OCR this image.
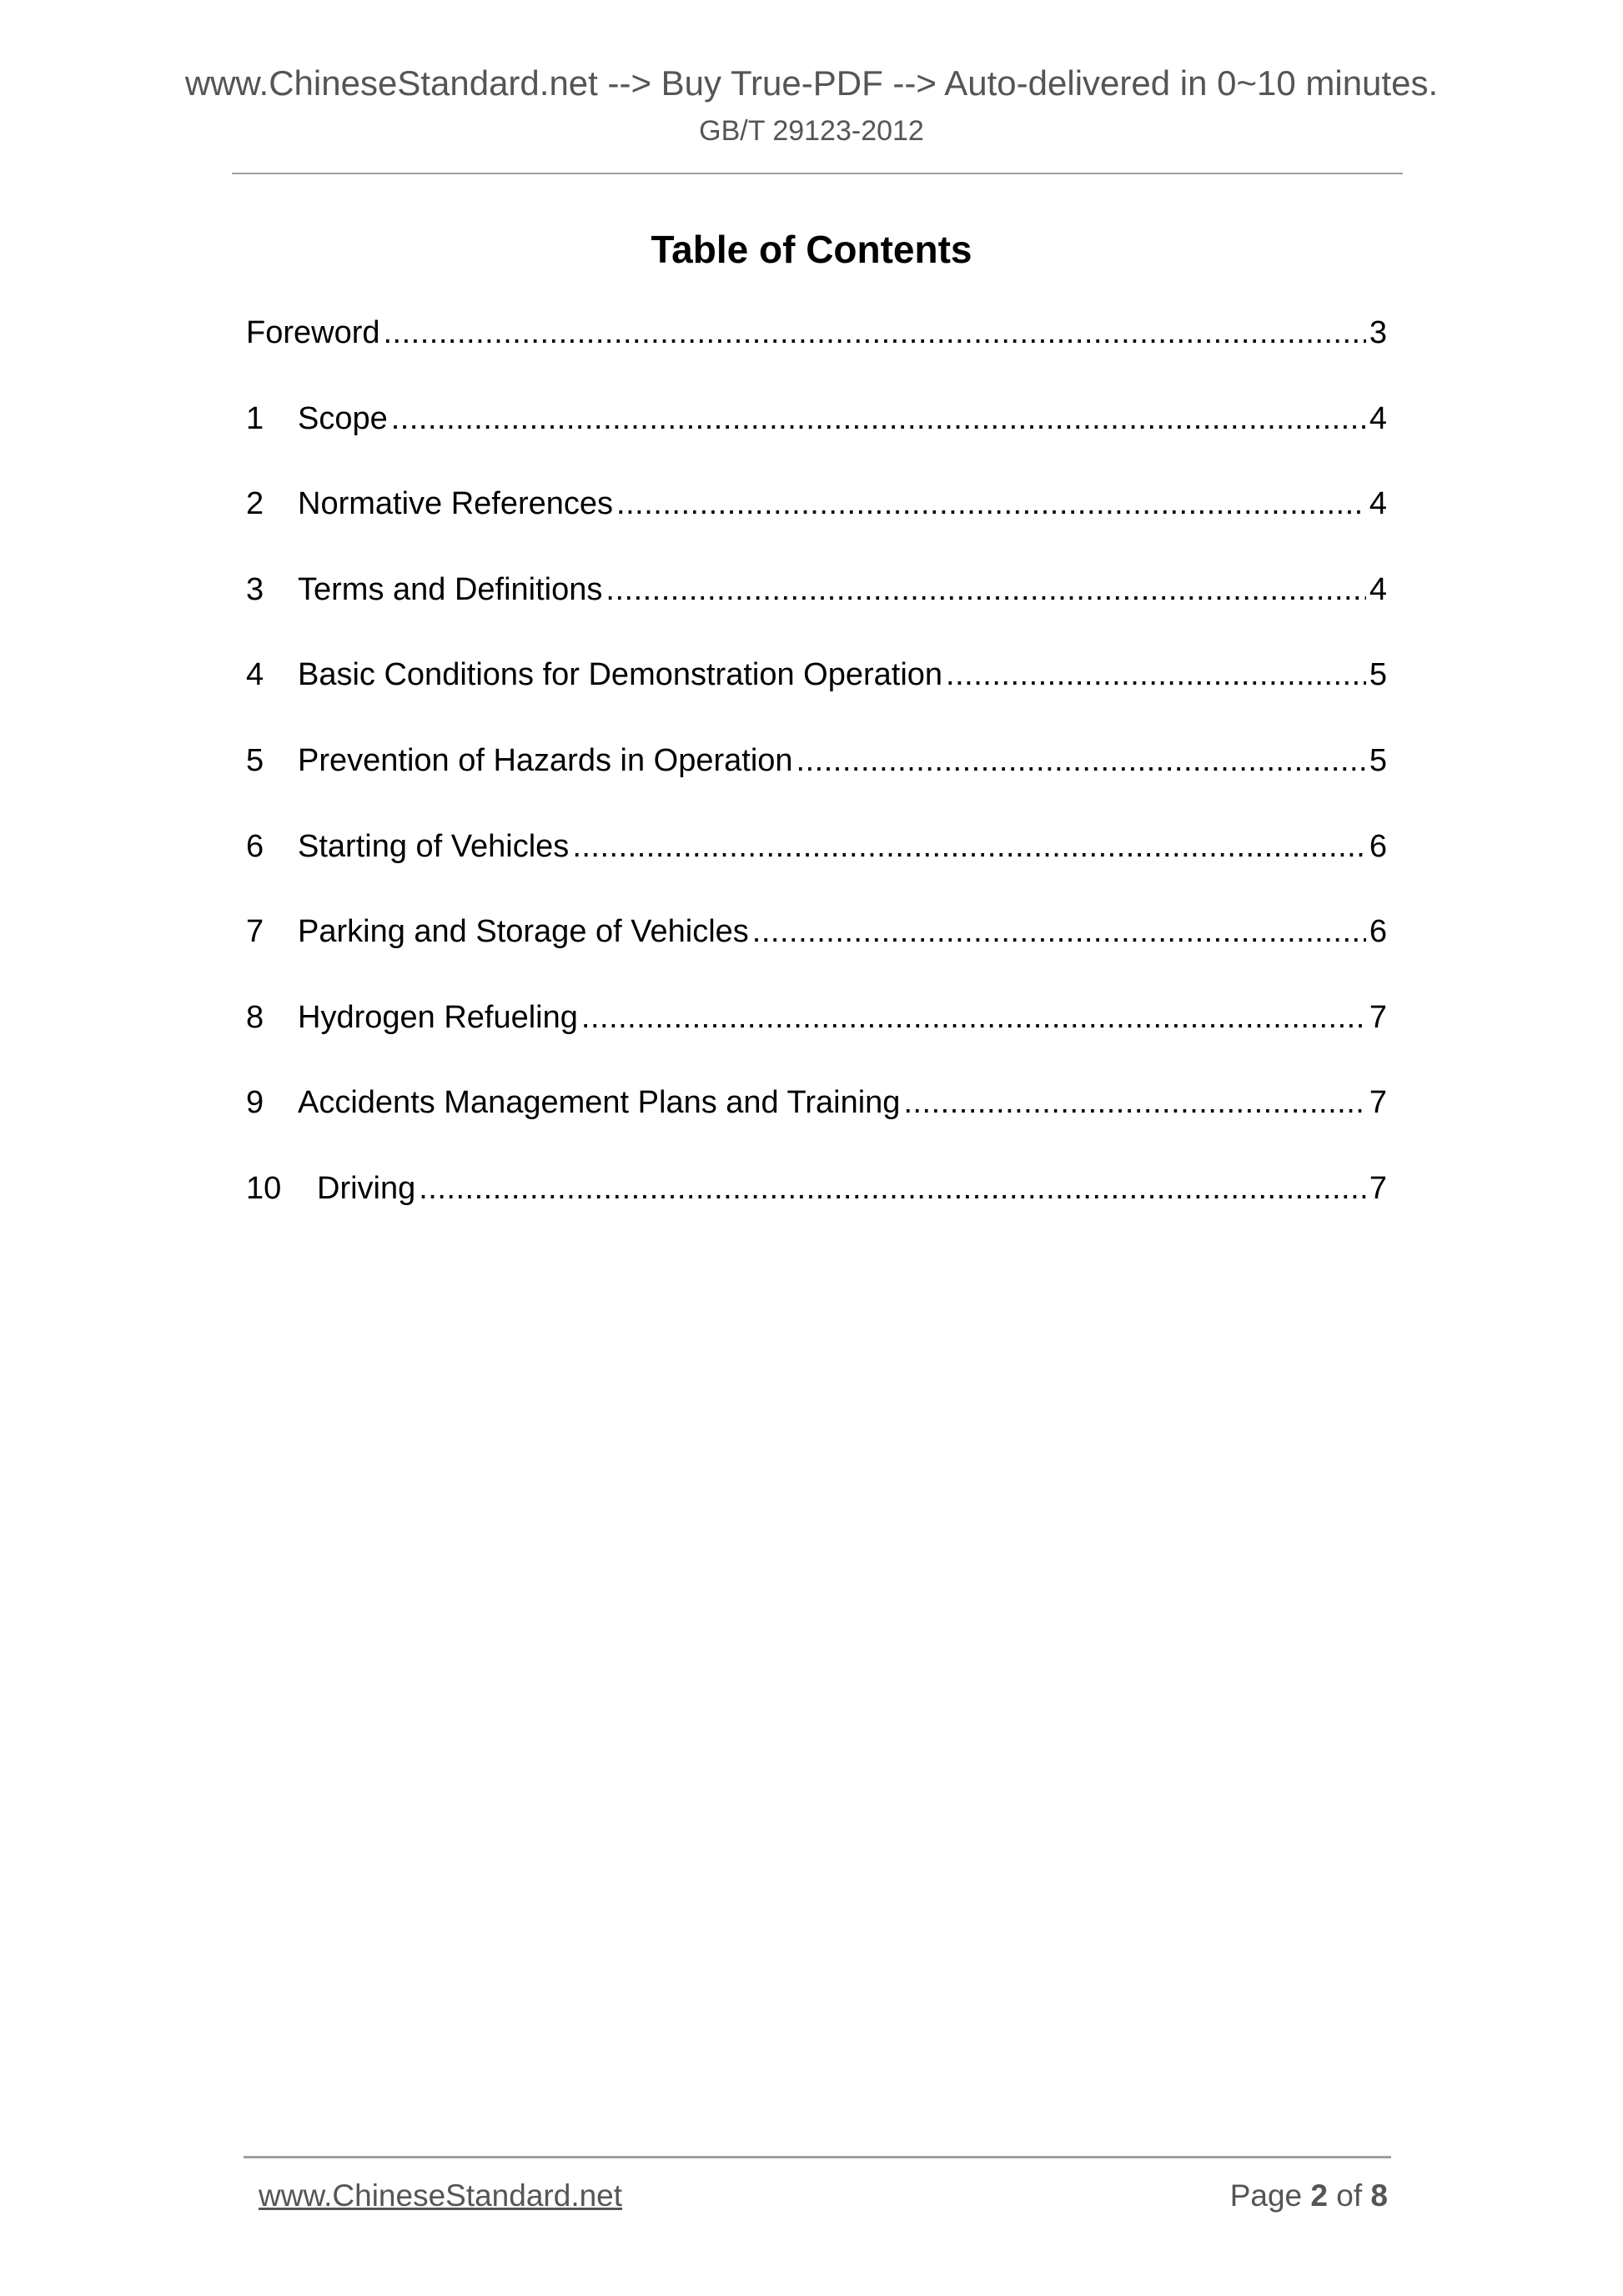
www.ChineseStandard.net --> Buy True-PDF --> Auto-delivered in 0~10 minutes.
GB/T 29123-2012
Table of Contents
Foreword .....	3
1	Scope .....	4
2	Normative References .....	4
3	Terms and Definitions .....	4
4	Basic Conditions for Demonstration Operation .....	5
5	Prevention of Hazards in Operation .....	5
6	Starting of Vehicles .....	6
7	Parking and Storage of Vehicles .....	6
8	Hydrogen Refueling .....	7
9	Accidents Management Plans and Training .....	7
10	Driving .....	7
www.ChineseStandard.net	Page 2 of 8
